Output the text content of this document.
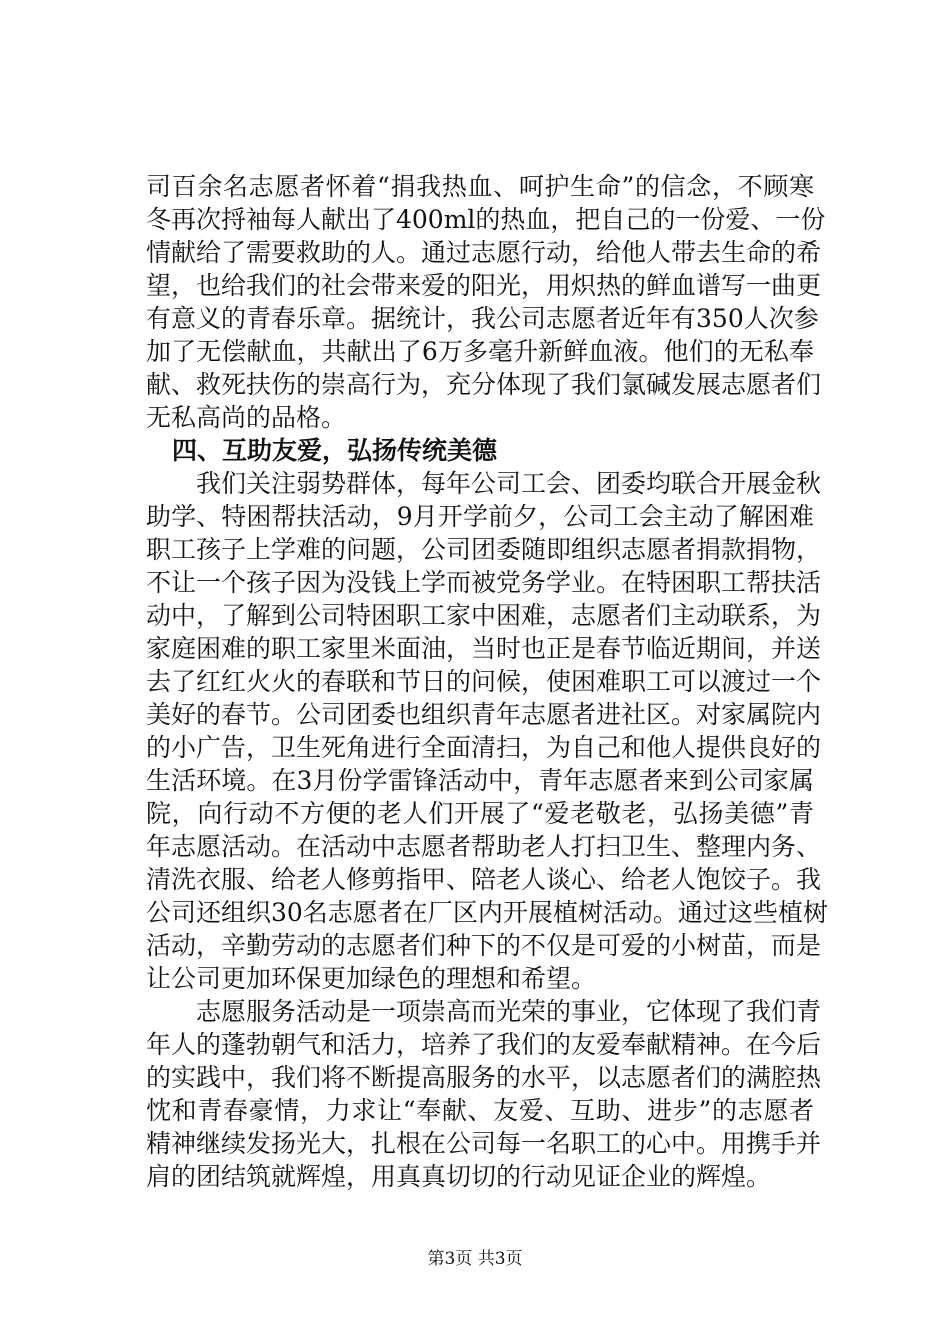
司百余名志愿者怀着“捐我热血、呵护生命”的信念，不顾寒
冬再次捋袖每人献出了400ml的热血，把自己的一份爱、一份
情献给了需要救助的人。通过志愿行动，给他人带去生命的希
望，也给我们的社会带来爱的阳光，用炽热的鲜血谱写一曲更
有意义的青春乐章。据统计，我公司志愿者近年有350人次参
加了无偿献血，共献出了6万多毫升新鲜血液。他们的无私奉
献、救死扶伤的崇高行为，充分体现了我们氯碱发展志愿者们
无私高尚的品格。
四、互助友爱，弘扬传统美德
我们关注弱势群体，每年公司工会、团委均联合开展金秋
助学、特困帮扶活动，9月开学前夕，公司工会主动了解困难
职工孩子上学难的问题，公司团委随即组织志愿者捐款捐物，
不让一个孩子因为没钱上学而被党务学业。在特困职工帮扶活
动中，了解到公司特困职工家中困难，志愿者们主动联系，为
家庭困难的职工家里米面油，当时也正是春节临近期间，并送
去了红红火火的春联和节日的问候，使困难职工可以渡过一个
美好的春节。公司团委也组织青年志愿者进社区。对家属院内
的小广告，卫生死角进行全面清扫，为自己和他人提供良好的
生活环境。在3月份学雷锋活动中，青年志愿者来到公司家属
院，向行动不方便的老人们开展了“爱老敬老，弘扬美德”青
年志愿活动。在活动中志愿者帮助老人打扫卫生、整理内务、
清洗衣服、给老人修剪指甲、陪老人谈心、给老人饱饺子。我
公司还组织30名志愿者在厂区内开展植树活动。通过这些植树
活动，辛勤劳动的志愿者们种下的不仅是可爱的小树苗，而是
让公司更加环保更加绿色的理想和希望。
志愿服务活动是一项崇高而光荣的事业，它体现了我们青
年人的蓬勃朝气和活力，培养了我们的友爱奉献精神。在今后
的实践中，我们将不断提高服务的水平，以志愿者们的满腔热
忱和青春豪情，力求让“奉献、友爱、互助、进步”的志愿者
精神继续发扬光大，扎根在公司每一名职工的心中。用携手并
肩的团结筑就辉煌，用真真切切的行动见证企业的辉煌。
第3页 共3页
